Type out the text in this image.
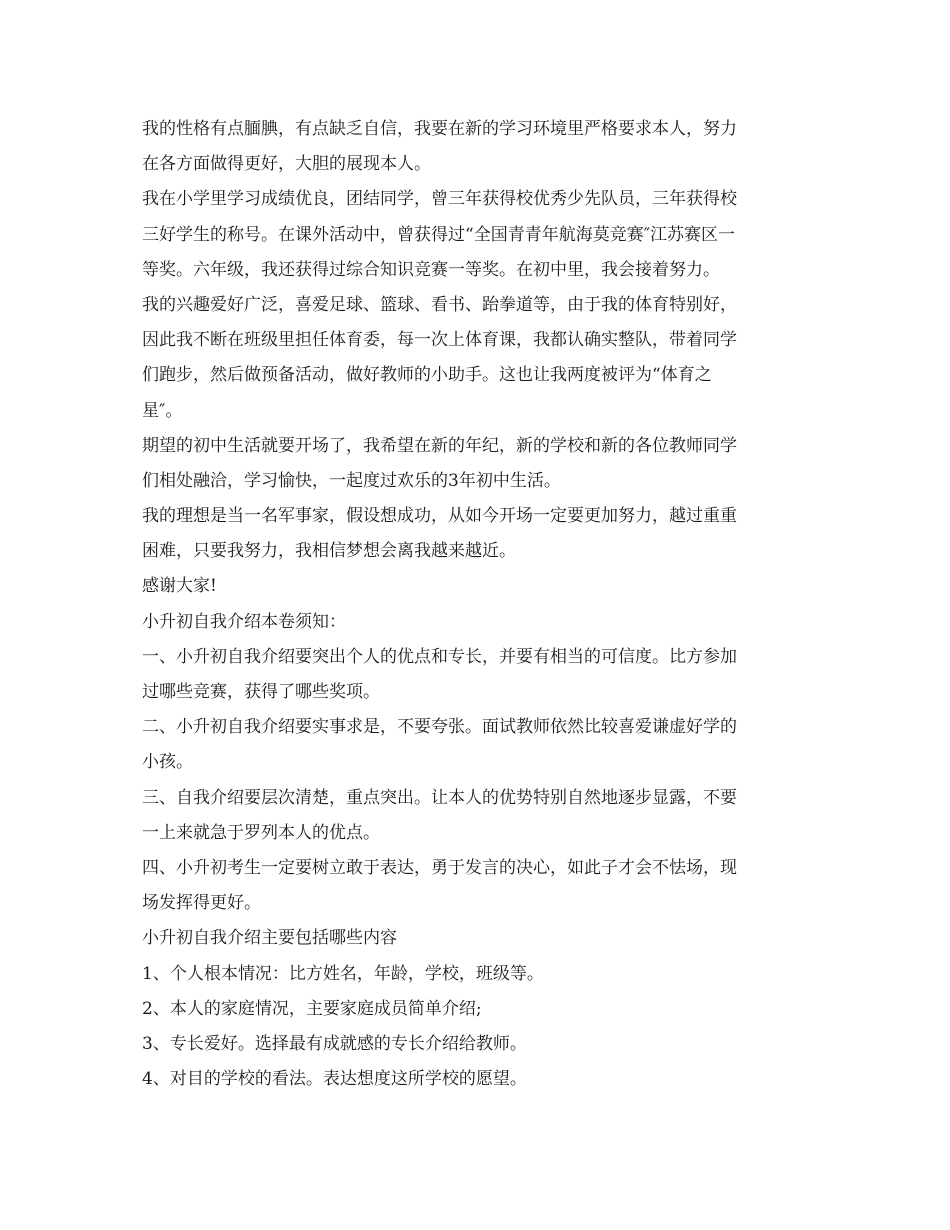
我的性格有点腼腆，有点缺乏自信，我要在新的学习环境里严格要求本人，努力
在各方面做得更好，大胆的展现本人。
我在小学里学习成绩优良，团结同学，曾三年获得校优秀少先队员，三年获得校
三好学生的称号。在课外活动中，曾获得过“全国青青年航海莫竞赛″江苏赛区一
等奖。六年级，我还获得过综合知识竞赛一等奖。在初中里，我会接着努力。
我的兴趣爱好广泛，喜爱足球、篮球、看书、跆拳道等，由于我的体育特别好，
因此我不断在班级里担任体育委，每一次上体育课，我都认确实整队，带着同学
们跑步，然后做预备活动，做好教师的小助手。这也让我两度被评为“体育之
星″。
期望的初中生活就要开场了，我希望在新的年纪，新的学校和新的各位教师同学
们相处融洽，学习愉快，一起度过欢乐的3年初中生活。
我的理想是当一名军事家，假设想成功，从如今开场一定要更加努力，越过重重
困难，只要我努力，我相信梦想会离我越来越近。
感谢大家!
小升初自我介绍本卷须知：
一、小升初自我介绍要突出个人的优点和专长，并要有相当的可信度。比方参加
过哪些竞赛，获得了哪些奖项。
二、小升初自我介绍要实事求是，不要夸张。面试教师依然比较喜爱谦虚好学的
小孩。
三、自我介绍要层次清楚，重点突出。让本人的优势特别自然地逐步显露，不要
一上来就急于罗列本人的优点。
四、小升初考生一定要树立敢于表达，勇于发言的决心，如此子才会不怯场，现
场发挥得更好。
小升初自我介绍主要包括哪些内容
1、个人根本情况：比方姓名，年龄，学校，班级等。
2、本人的家庭情况，主要家庭成员简单介绍;
3、专长爱好。选择最有成就感的专长介绍给教师。
4、对目的学校的看法。表达想度这所学校的愿望。
